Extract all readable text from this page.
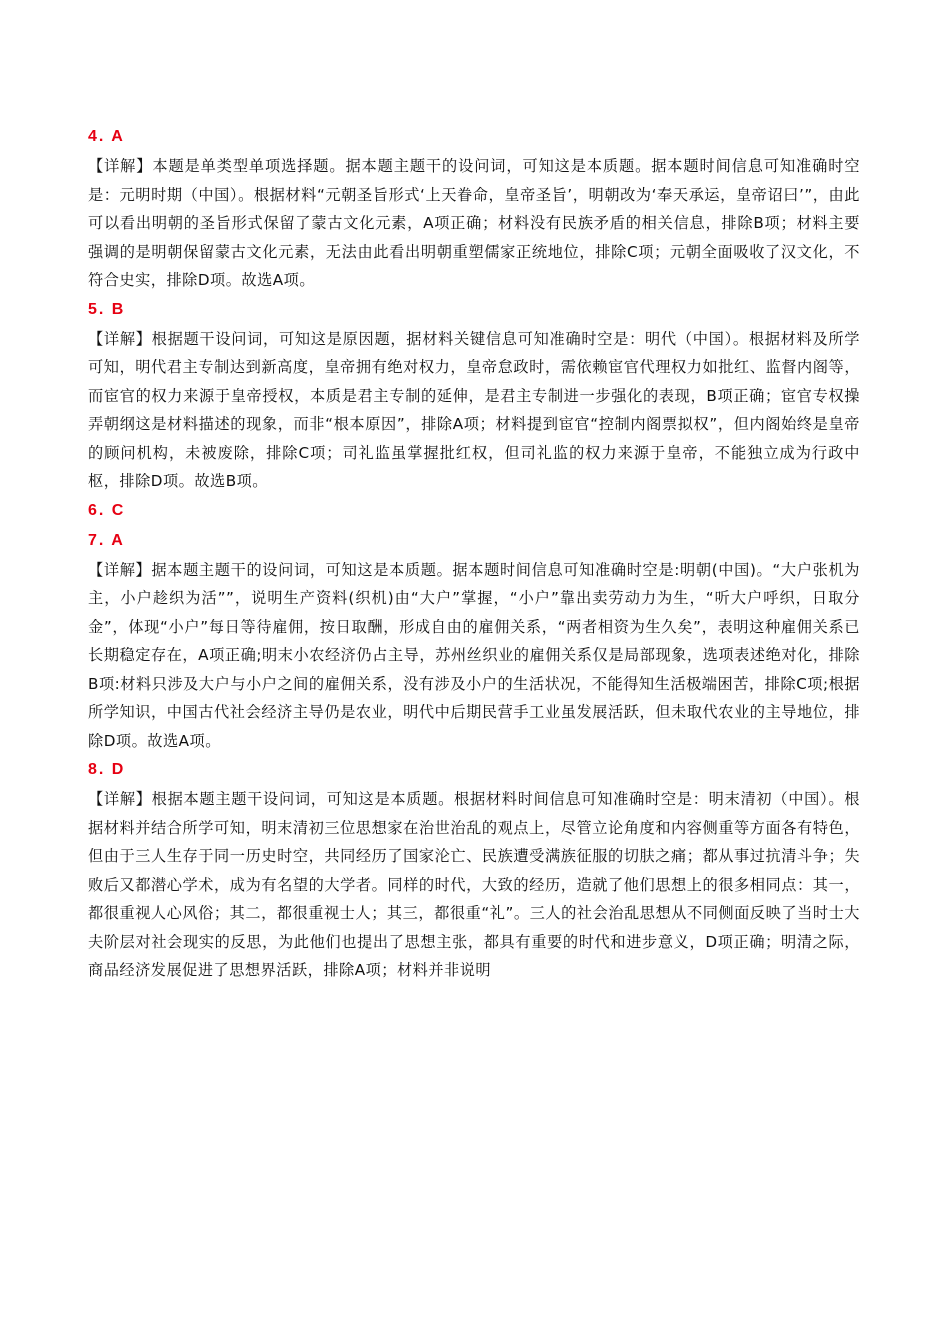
4. A

【详解】本题是单类型单项选择题。据本题主题干的设问词，可知这是本质题。据本题时间信息可知准确时空是：元明时期（中国）。根据材料“元朝圣旨形式‘上天眷命，皇帝圣旨’，明朝改为‘奉天承运，皇帝诏曰’”，由此可以看出明朝的圣旨形式保留了蒙古文化元素，A项正确；材料没有民族矛盾的相关信息，排除B项；材料主要强调的是明朝保留蒙古文化元素，无法由此看出明朝重塑儒家正统地位，排除C项；元朝全面吸收了汉文化，不符合史实，排除D项。故选A项。

5. B

【详解】根据题干设问词，可知这是原因题，据材料关键信息可知准确时空是：明代（中国）。根据材料及所学可知，明代君主专制达到新高度，皇帝拥有绝对权力，皇帝怠政时，需依赖宦官代理权力如批红、监督内阁等，而宦官的权力来源于皇帝授权，本质是君主专制的延伸，是君主专制进一步强化的表现，B项正确；宦官专权操弄朝纲这是材料描述的现象，而非“根本原因”，排除A项；材料提到宦官“控制内阁票拟权”，但内阁始终是皇帝的顾问机构，未被废除，排除C项；司礼监虽掌握批红权，但司礼监的权力来源于皇帝，不能独立成为行政中枢，排除D项。故选B项。

6. C
7. A

【详解】据本题主题干的设问词，可知这是本质题。据本题时间信息可知准确时空是:明朝(中国)。“大户张机为主，小户趁织为活””，说明生产资料(织机)由“大户”掌握，“小户”靠出卖劳动力为生，“听大户呼织，日取分金”，体现“小户”每日等待雇佣，按日取酬，形成自由的雇佣关系，“两者相资为生久矣”，表明这种雇佣关系已长期稳定存在，A项正确;明末小农经济仍占主导，苏州丝织业的雇佣关系仅是局部现象，选项表述绝对化，排除B项:材料只涉及大户与小户之间的雇佣关系，没有涉及小户的生活状况，不能得知生活极端困苦，排除C项;根据所学知识，中国古代社会经济主导仍是农业，明代中后期民营手工业虽发展活跃，但未取代农业的主导地位，排除D项。故选A项。

8. D

【详解】根据本题主题干设问词，可知这是本质题。根据材料时间信息可知准确时空是：明末清初（中国）。根据材料并结合所学可知，明末清初三位思想家在治世治乱的观点上，尽管立论角度和内容侧重等方面各有特色，但由于三人生存于同一历史时空，共同经历了国家沦亡、民族遭受满族征服的切肤之痛；都从事过抗清斗争；失败后又都潜心学术，成为有名望的大学者。同样的时代，大致的经历，造就了他们思想上的很多相同点：其一，都很重视人心风俗；其二，都很重视士人；其三，都很重“礼”。三人的社会治乱思想从不同侧面反映了当时士大夫阶层对社会现实的反思，为此他们也提出了思想主张，都具有重要的时代和进步意义，D项正确；明清之际，商品经济发展促进了思想界活跃，排除A项；材料并非说明
